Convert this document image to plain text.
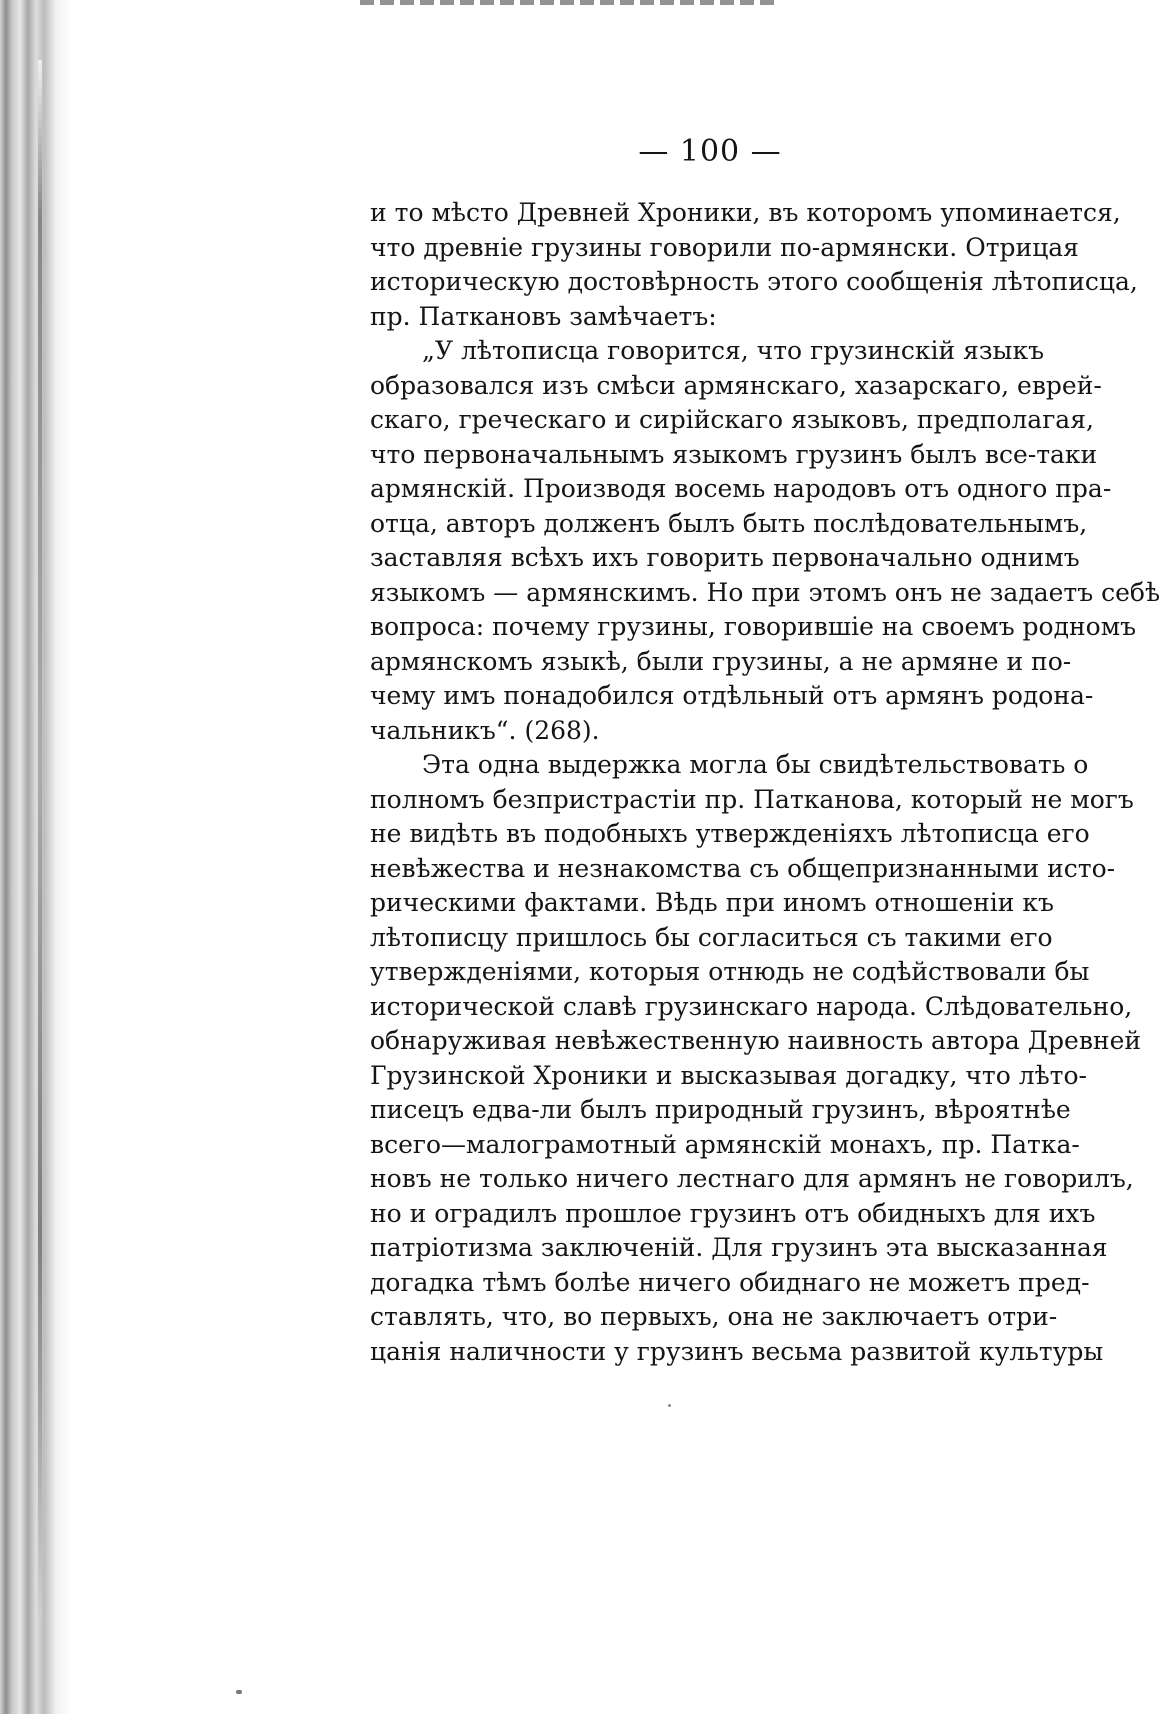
— 100 —
и то мѣсто Древней Хроники, въ которомъ упоминается,
что древніе грузины говорили по-армянски. Отрицая
историческую достовѣрность этого сообщенія лѣтописца,
пр. Паткановъ замѣчаетъ:
„У лѣтописца говорится, что грузинскій языкъ
образовался изъ смѣси армянскаго, хазарскаго, еврей-
скаго, греческаго и сирійскаго языковъ, предполагая,
что первоначальнымъ языкомъ грузинъ былъ все-таки
армянскій. Производя восемь народовъ отъ одного пра-
отца, авторъ долженъ былъ быть послѣдовательнымъ,
заставляя всѣхъ ихъ говорить первоначально однимъ
языкомъ — армянскимъ. Но при этомъ онъ не задаетъ себѣ
вопроса: почему грузины, говорившіе на своемъ родномъ
армянскомъ языкѣ, были грузины, а не армяне и по-
чему имъ понадобился отдѣльный отъ армянъ родона-
чальникъ“. (268).
Эта одна выдержка могла бы свидѣтельствовать о
полномъ безпристрастіи пр. Патканова, который не могъ
не видѣть въ подобныхъ утвержденіяхъ лѣтописца его
невѣжества и незнакомства съ общепризнанными исто-
рическими фактами. Вѣдь при иномъ отношеніи къ
лѣтописцу пришлось бы согласиться съ такими его
утвержденіями, которыя отнюдь не содѣйствовали бы
исторической славѣ грузинскаго народа. Слѣдовательно,
обнаруживая невѣжественную наивность автора Древней
Грузинской Хроники и высказывая догадку, что лѣто-
писецъ едва-ли былъ природный грузинъ, вѣроятнѣе
всего—малограмотный армянскій монахъ, пр. Патка-
новъ не только ничего лестнаго для армянъ не говорилъ,
но и оградилъ прошлое грузинъ отъ обидныхъ для ихъ
патріотизма заключеній. Для грузинъ эта высказанная
догадка тѣмъ болѣе ничего обиднаго не можетъ пред-
ставлять, что, во первыхъ, она не заключаетъ отри-
цанія наличности у грузинъ весьма развитой культуры
